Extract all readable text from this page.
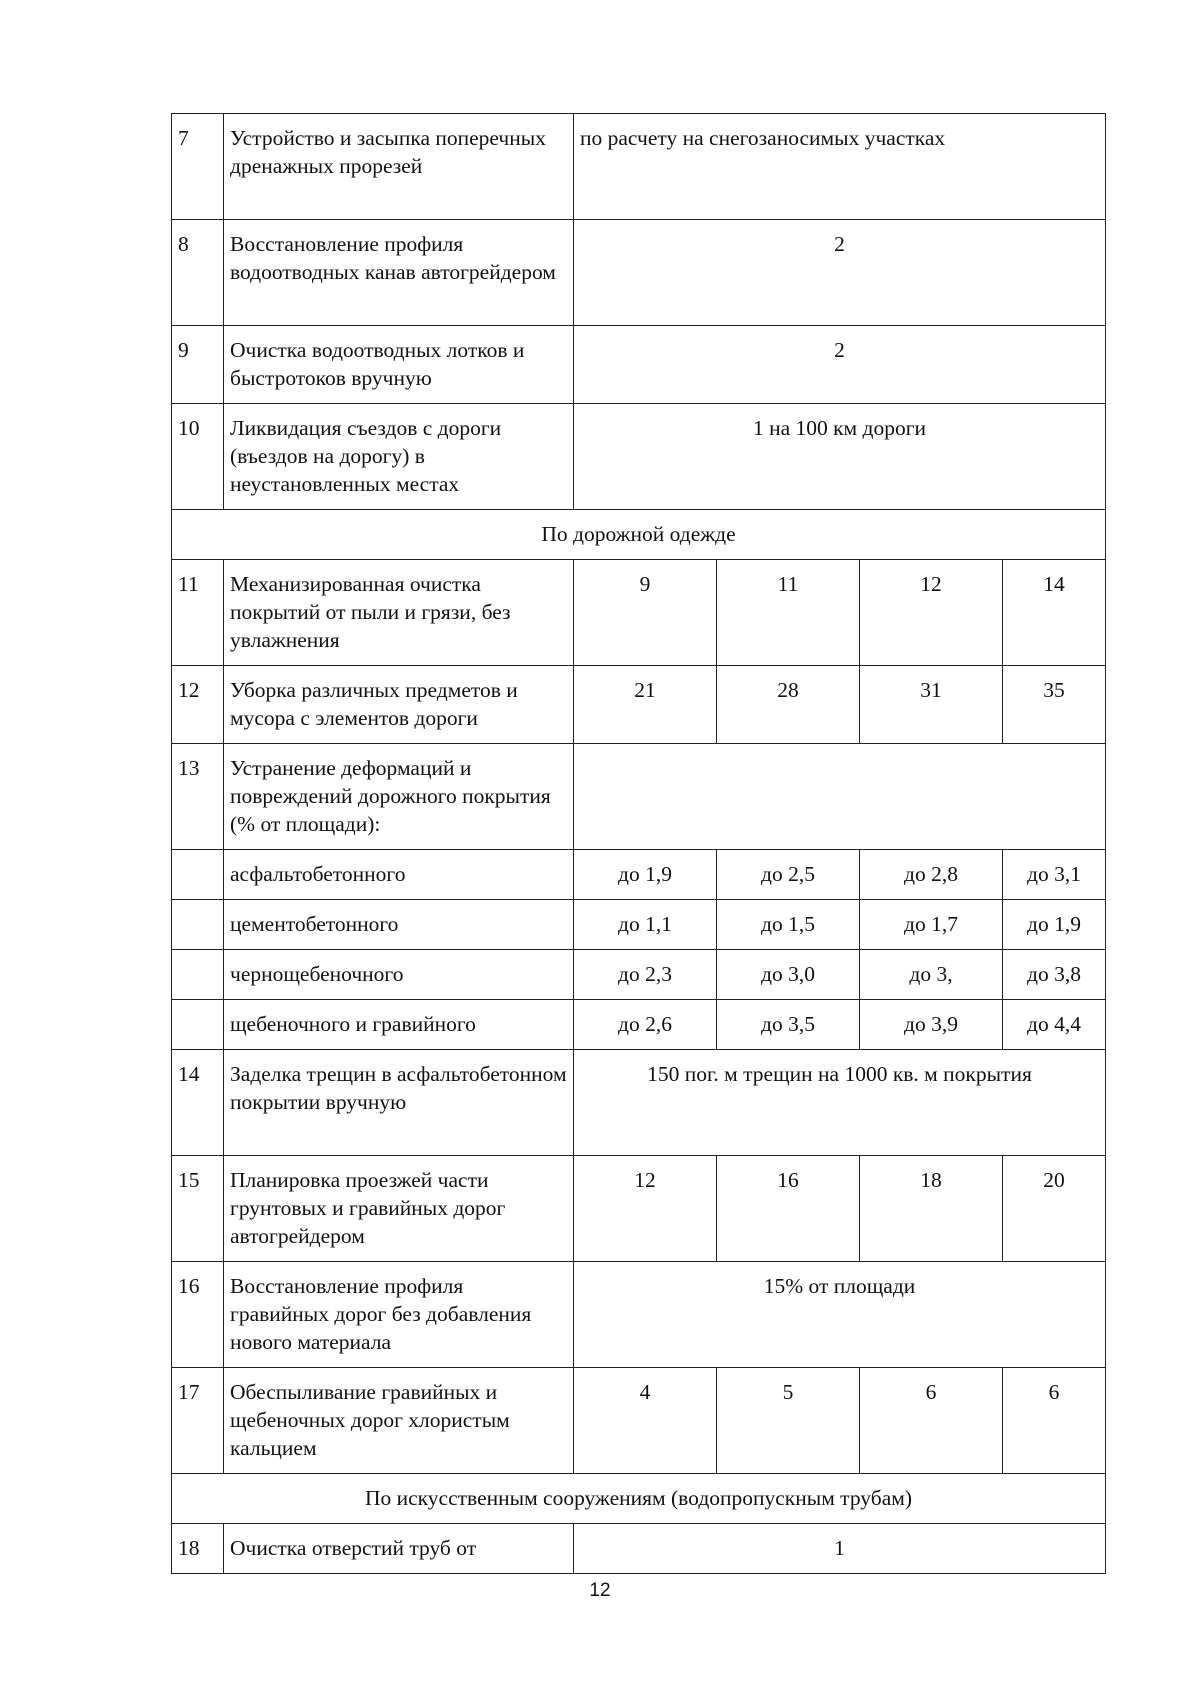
7	Устройство и засыпка поперечных дренажных прорезей	по расчету на снегозаносимых участках			
8	Восстановление профиля водоотводных канав автогрейдером	2			
9	Очистка водоотводных лотков и быстротоков вручную	2			
10	Ликвидация съездов с дороги (въездов на дорогу) в неустановленных местах	1 на 100 км дороги			
По дорожной одежде					
11	Механизированная очистка покрытий от пыли и грязи, без увлажнения	9	11	12	14
12	Уборка различных предметов и мусора с элементов дороги	21	28	31	35
13	Устранение деформаций и повреждений дорожного покрытия (% от площади):				
	асфальтобетонного	до 1,9	до 2,5	до 2,8	до 3,1
	цементобетонного	до 1,1	до 1,5	до 1,7	до 1,9
	чернощебеночного	до 2,3	до 3,0	до 3,	до 3,8
	щебеночного и гравийного	до 2,6	до 3,5	до 3,9	до 4,4
14	Заделка трещин в асфальтобетонном покрытии вручную	150 пог. м трещин на 1000 кв. м покрытия			
15	Планировка проезжей части грунтовых и гравийных дорог автогрейдером	12	16	18	20
16	Восстановление профиля гравийных дорог без добавления нового материала	15% от площади			
17	Обеспыливание гравийных и щебеночных дорог хлористым кальцием	4	5	6	6
По искусственным сооружениям (водопропускным трубам)					
18	Очистка отверстий труб от	1			
12
